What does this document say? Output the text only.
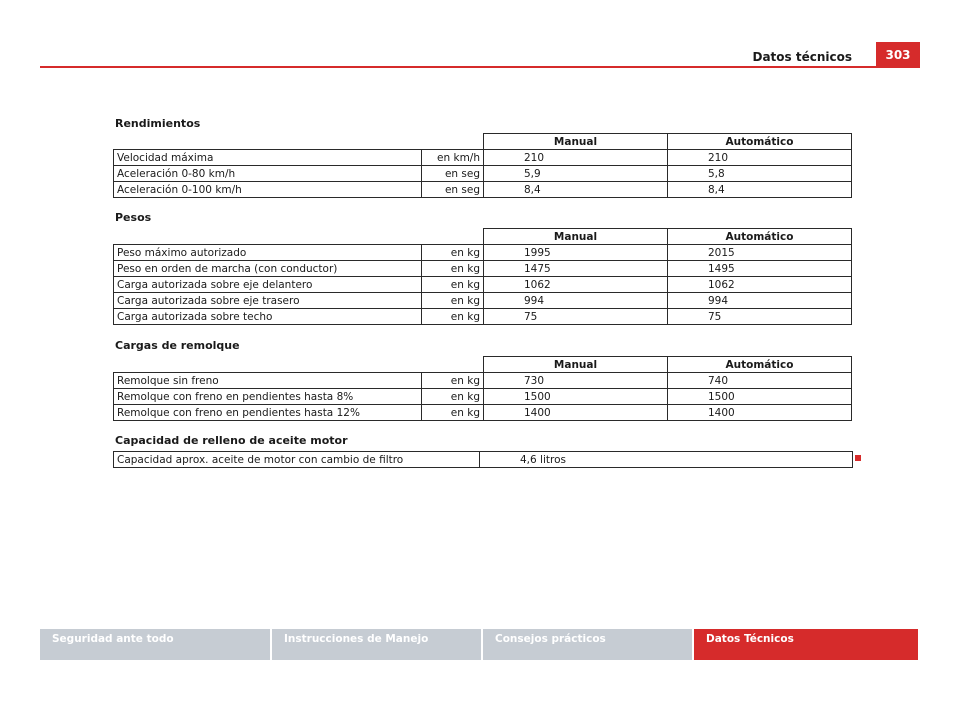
Datos técnicos	303
Rendimientos
		Manual	Automático
Velocidad máxima	en km/h	210	210
Aceleración 0-80 km/h	en seg	5,9	5,8
Aceleración 0-100 km/h	en seg	8,4	8,4
Pesos
		Manual	Automático
Peso máximo autorizado	en kg	1995	2015
Peso en orden de marcha (con conductor)	en kg	1475	1495
Carga autorizada sobre eje delantero	en kg	1062	1062
Carga autorizada sobre eje trasero	en kg	994	994
Carga autorizada sobre techo	en kg	75	75
Cargas de remolque
		Manual	Automático
Remolque sin freno	en kg	730	740
Remolque con freno en pendientes hasta 8%	en kg	1500	1500
Remolque con freno en pendientes hasta 12%	en kg	1400	1400
Capacidad de relleno de aceite motor
Capacidad aprox. aceite de motor con cambio de filtro	4,6 litros
Seguridad ante todo	Instrucciones de Manejo	Consejos prácticos	Datos Técnicos
